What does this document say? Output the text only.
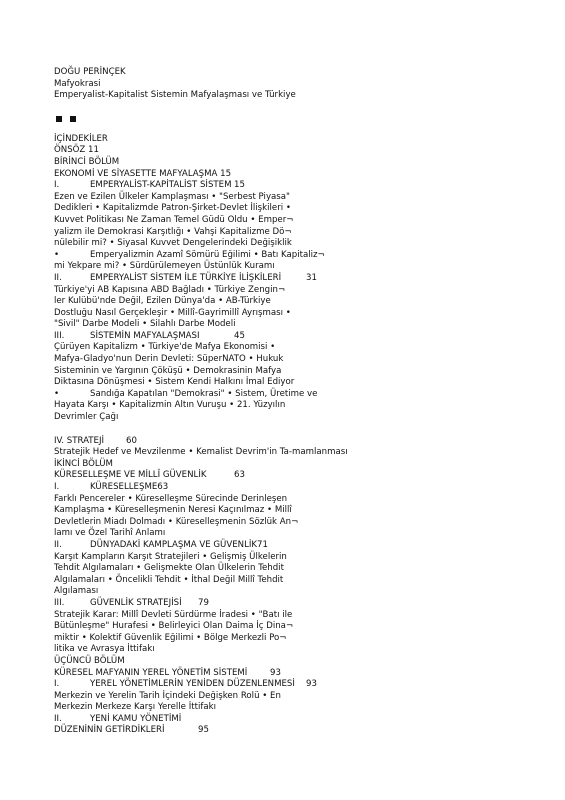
DOĞU PERİNÇEK
Mafyokrasi
Emperyalist-Kapitalist Sistemin Mafyalaşması ve Türkiye
İÇİNDEKİLER
ÖNSÖZ 11
BİRİNCİ BÖLÜM
EKONOMİ VE SİYASETTE MAFYALAŞMA 15
I.	EMPERYALİST-KAPİTALİST SİSTEM	15
Ezen ve Ezilen Ülkeler Kamplaşması • "Serbest Piyasa"
Dedikleri • Kapitalizmde Patron-Şirket-Devlet İlişkileri •
Kuvvet Politikası Ne Zaman Temel Güdü Oldu • Emper¬
yalizm ile Demokrasi Karşıtlığı • Vahşi Kapitalizme Dö¬
nülebilir mi? • Siyasal Kuvvet Dengelerindeki Değişiklik
•	Emperyalizmin Azamî Sömürü Eğilimi • Batı Kapitaliz¬
mi Yekpare mi? • Sürdürülemeyen Üstünlük Kuramı
II.	EMPERYALİST SİSTEM İLE TÜRKİYE İLİŞKİLERİ	31
Türkiye'yi AB Kapısına ABD Bağladı • Türkiye Zengin¬
ler Kulübü'nde Değil, Ezilen Dünya'da • AB-Türkiye
Dostluğu Nasıl Gerçekleşir • Millî-Gayrimillî Ayrışması •
"Sivil" Darbe Modeli • Silahlı Darbe Modeli
III.	SİSTEMİN MAFYALAŞMASI	45
Çürüyen Kapitalizm • Türkiye'de Mafya Ekonomisi •
Mafya-Gladyo'nun Derin Devleti: SüperNATO • Hukuk
Sisteminin ve Yargının Çöküşü • Demokrasinin Mafya
Diktasına Dönüşmesi • Sistem Kendi Halkını İmal Ediyor
•	Sandığa Kapatılan "Demokrasi" • Sistem, Üretime ve
Hayata Karşı • Kapitalizmin Altın Vuruşu • 21. Yüzyılın
Devrimler Çağı
IV. STRATEJİ	60
Stratejik Hedef ve Mevzilenme • Kemalist Devrim'in Ta-mamlanması
İKİNCİ BÖLÜM
KÜRESELLEŞME VE MİLLÎ GÜVENLİK	63
I.	KÜRESELLEŞME63
Farklı Pencereler • Küreselleşme Sürecinde Derinleşen
Kamplaşma • Küreselleşmenin Neresi Kaçınılmaz • Millî
Devletlerin Miadı Dolmadı • Küreselleşmenin Sözlük An¬
lamı ve Özel Tarihî Anlamı
II.	DÜNYADAKİ KAMPLAŞMA VE GÜVENLİK71
Karşıt Kampların Karşıt Stratejileri • Gelişmiş Ülkelerin
Tehdit Algılamaları • Gelişmekte Olan Ülkelerin Tehdit
Algılamaları • Öncelikli Tehdit • İthal Değil Millî Tehdit
Algılaması
III.	GÜVENLİK STRATEJİSİ	79
Stratejik Karar: Millî Devleti Sürdürme İradesi • "Batı ile
Bütünleşme" Hurafesi • Belirleyici Olan Daima İç Dina¬
miktir • Kolektif Güvenlik Eğilimi • Bölge Merkezli Po¬
litika ve Avrasya İttifakı
ÜÇÜNCÜ BÖLÜM
KÜRESEL MAFYANIN YEREL YÖNETİM SİSTEMİ	93
I.	YEREL YÖNETİMLERİN YENİDEN DÜZENLENMESİ	93
Merkezin ve Yerelin Tarih İçindeki Değişken Rolü • En
Merkezin Merkeze Karşı Yerelle İttifakı
II.	YENİ KAMU YÖNETİMİ
DÜZENİNİN GETİRDİKLERİ	95
